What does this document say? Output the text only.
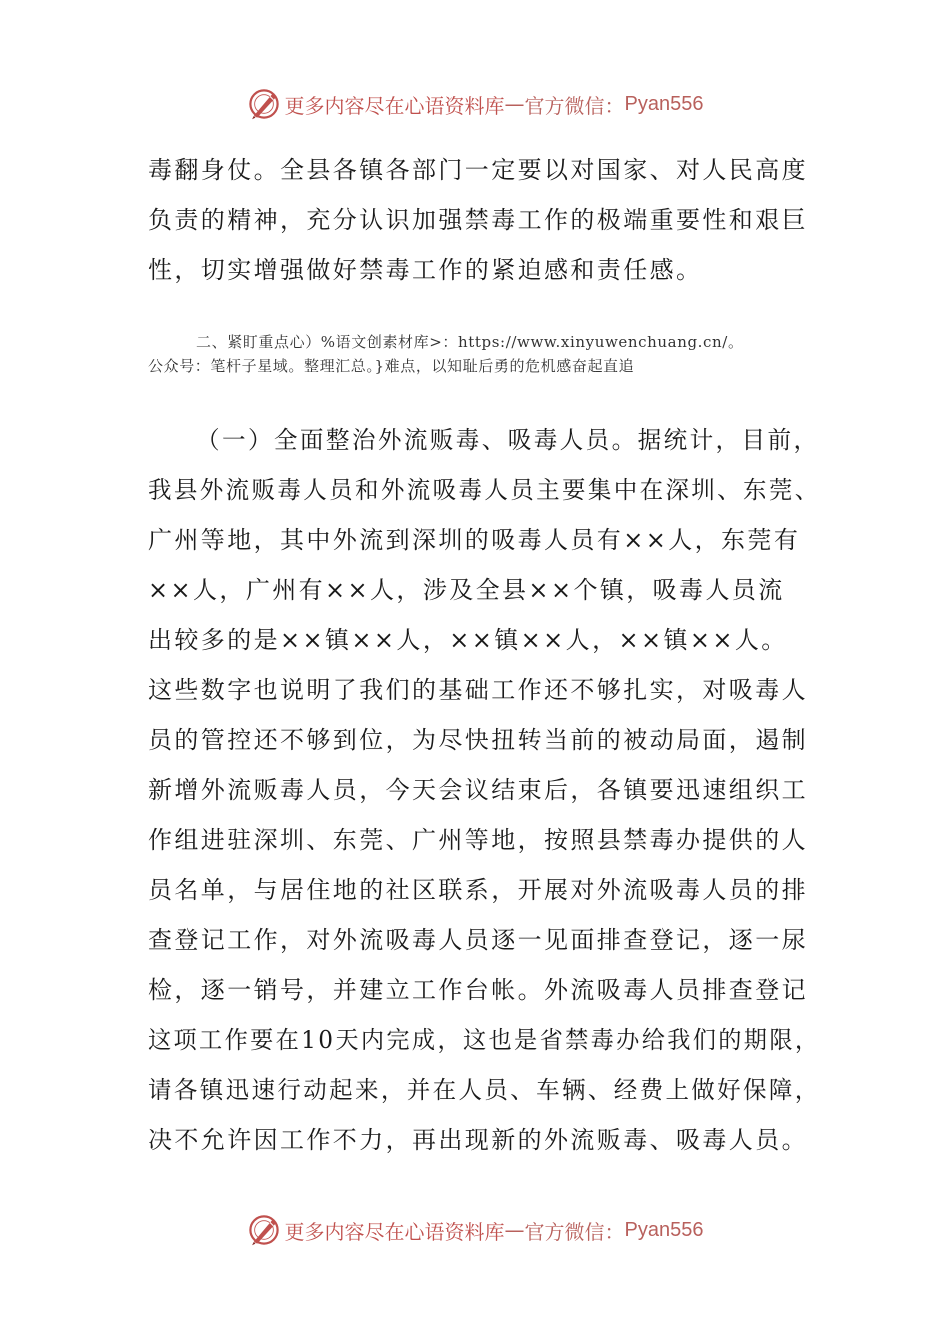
更多内容尽在心语资料库 — 官方微信： Pyan556
毒翻身仗。全县各镇各部门一定要以对国家、对人民高度
负责的精神，充分认识加强禁毒工作的极端重要性和艰巨
性，切实增强做好禁毒工作的紧迫感和责任感。
二、紧盯重点心）%语文创素材库>：https://www.xinyuwenchuang.cn/。
公众号：笔杆子星域。整理汇总。}难点，以知耻后勇的危机感奋起直追
（一）全面整治外流贩毒、吸毒人员。据统计，目前，
我县外流贩毒人员和外流吸毒人员主要集中在深圳、东莞、
广州等地，其中外流到深圳的吸毒人员有××人，东莞有
××人，广州有××人，涉及全县××个镇，吸毒人员流
出较多的是××镇××人，××镇××人，××镇××人。
这些数字也说明了我们的基础工作还不够扎实，对吸毒人
员的管控还不够到位，为尽快扭转当前的被动局面，遏制
新增外流贩毒人员，今天会议结束后，各镇要迅速组织工
作组进驻深圳、东莞、广州等地，按照县禁毒办提供的人
员名单，与居住地的社区联系，开展对外流吸毒人员的排
查登记工作，对外流吸毒人员逐一见面排查登记，逐一尿
检，逐一销号，并建立工作台帐。外流吸毒人员排查登记
这项工作要在10天内完成，这也是省禁毒办给我们的期限，
请各镇迅速行动起来，并在人员、车辆、经费上做好保障，
决不允许因工作不力，再出现新的外流贩毒、吸毒人员。
更多内容尽在心语资料库 — 官方微信： Pyan556
